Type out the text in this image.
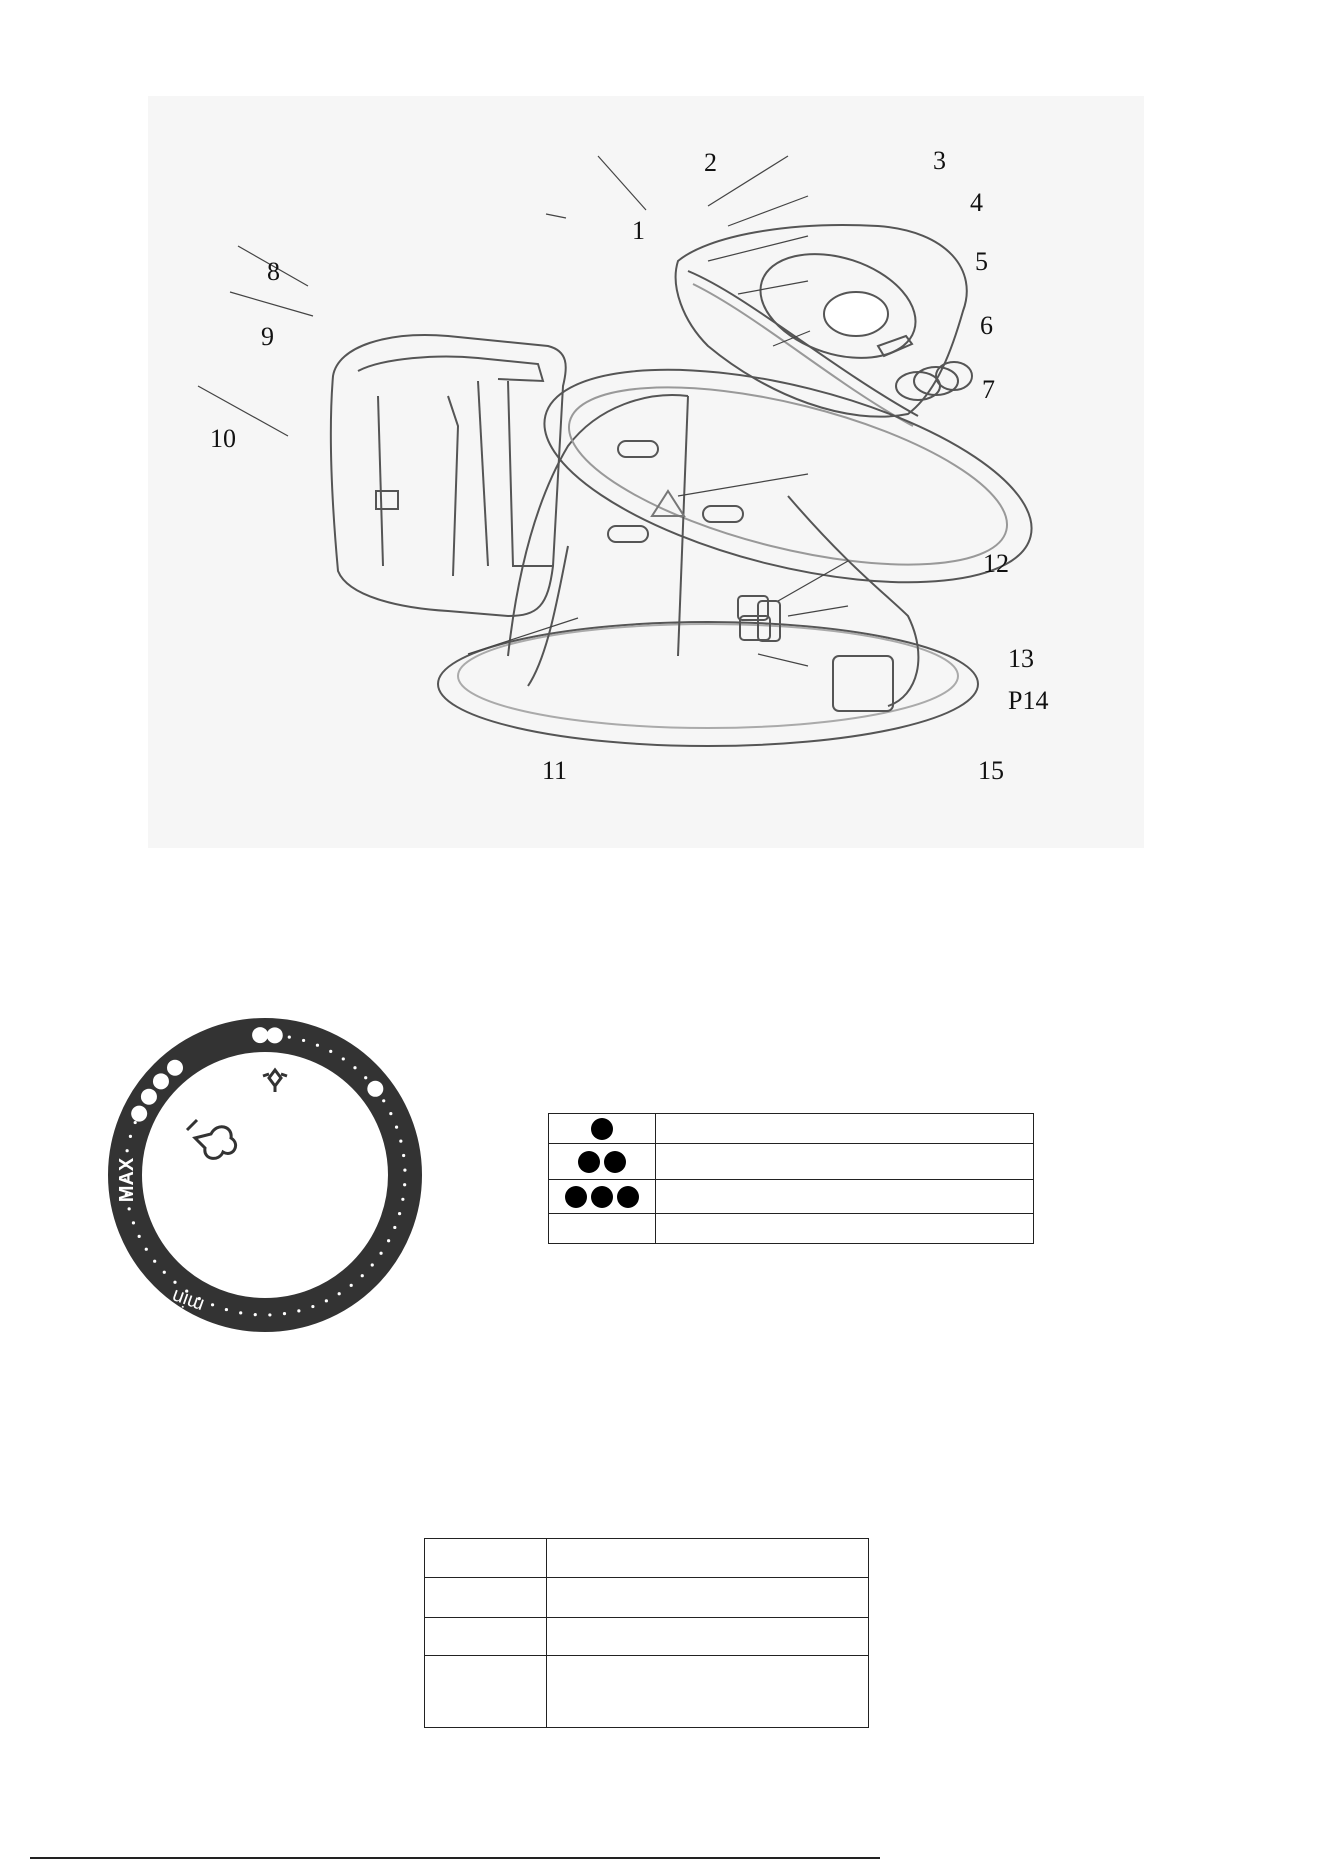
1
2	3
4
5
6
7
8
9
10
11
12
13
P14
15
MAX
min
